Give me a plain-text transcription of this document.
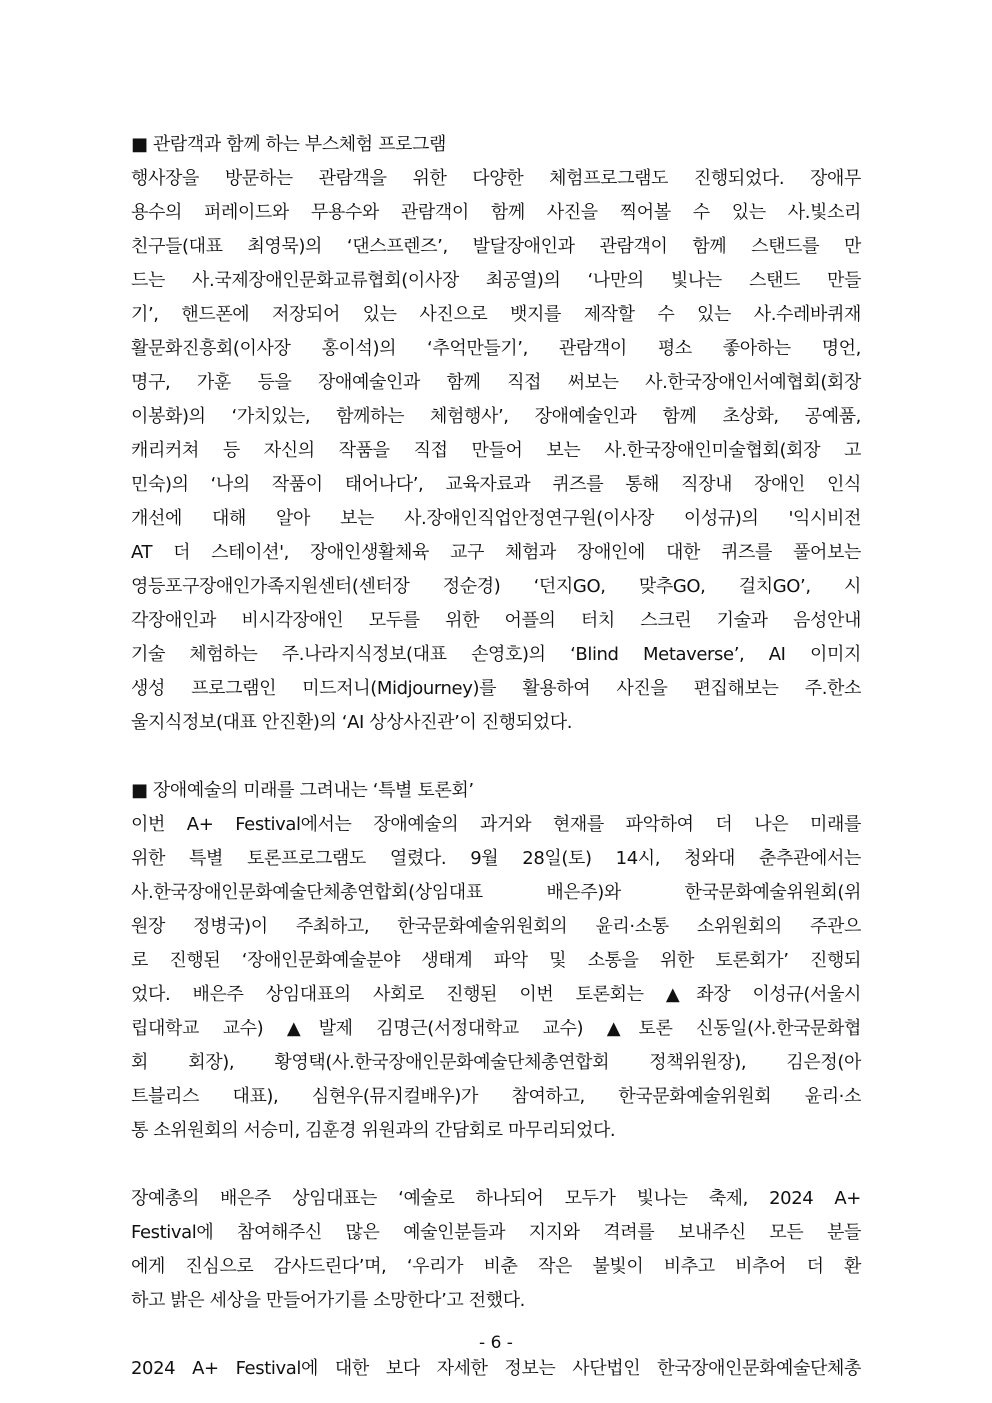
■ 관람객과 함께 하는 부스체험 프로그램
행사장을 방문하는 관람객을 위한 다양한 체험프로그램도 진행되었다. 장애무
용수의 퍼레이드와 무용수와 관람객이 함께 사진을 찍어볼 수 있는 사.빛소리
친구들(대표 최영묵)의 ‘댄스프렌즈’, 발달장애인과 관람객이 함께 스탠드를 만
드는 사.국제장애인문화교류협회(이사장 최공열)의 ‘나만의 빛나는 스탠드 만들
기’, 핸드폰에 저장되어 있는 사진으로 뱃지를 제작할 수 있는 사.수레바퀴재
활문화진흥회(이사장 홍이석)의 ‘추억만들기’, 관람객이 평소 좋아하는 명언,
명구, 가훈 등을 장애예술인과 함께 직접 써보는 사.한국장애인서예협회(회장
이봉화)의 ‘가치있는, 함께하는 체험행사’, 장애예술인과 함께 초상화, 공예품,
캐리커쳐 등 자신의 작품을 직접 만들어 보는 사.한국장애인미술협회(회장 고
민숙)의 ‘나의 작품이 태어나다’, 교육자료과 퀴즈를 통해 직장내 장애인 인식
개선에 대해 알아 보는 사.장애인직업안정연구원(이사장 이성규)의 '익시비전
AT 더 스테이션', 장애인생활체육 교구 체험과 장애인에 대한 퀴즈를 풀어보는
영등포구장애인가족지원센터(센터장 정순경) ‘던지GO, 맞추GO, 걸치GO’, 시
각장애인과 비시각장애인 모두를 위한 어플의 터치 스크린 기술과 음성안내
기술 체험하는 주.나라지식정보(대표 손영호)의 ‘Blind Metaverse’, AI 이미지
생성 프로그램인 미드저니(Midjourney)를 활용하여 사진을 편집해보는 주.한소
울지식정보(대표 안진환)의 ‘AI 상상사진관’이 진행되었다.
■ 장애예술의 미래를 그려내는 ‘특별 토론회’
이번 A+ Festival에서는 장애예술의 과거와 현재를 파악하여 더 나은 미래를
위한 특별 토론프로그램도 열렸다. 9월 28일(토) 14시, 청와대 춘추관에서는
사.한국장애인문화예술단체총연합회(상임대표 배은주)와 한국문화예술위원회(위
원장 정병국)이 주최하고, 한국문화예술위원회의 윤리·소통 소위원회의 주관으
로 진행된 ‘장애인문화예술분야 생태계 파악 및 소통을 위한 토론회가’ 진행되
었다. 배은주 상임대표의 사회로 진행된 이번 토론회는 ▲좌장 이성규(서울시
립대학교 교수) ▲발제 김명근(서정대학교 교수) ▲토론 신동일(사.한국문화협
회 회장), 황영택(사.한국장애인문화예술단체총연합회 정책위원장), 김은정(아
트블리스 대표), 심현우(뮤지컬배우)가 참여하고, 한국문화예술위원회 윤리·소
통 소위원회의 서승미, 김훈경 위원과의 간담회로 마무리되었다.
장예총의 배은주 상임대표는 ‘예술로 하나되어 모두가 빛나는 축제, 2024 A+
Festival에 참여해주신 많은 예술인분들과 지지와 격려를 보내주신 모든 분들
에게 진심으로 감사드린다’며, ‘우리가 비춘 작은 불빛이 비추고 비추어 더 환
하고 밝은 세상을 만들어가기를 소망한다’고 전했다.
2024 A+ Festival에 대한 보다 자세한 정보는 사단법인 한국장애인문화예술단체총
- 6 -
